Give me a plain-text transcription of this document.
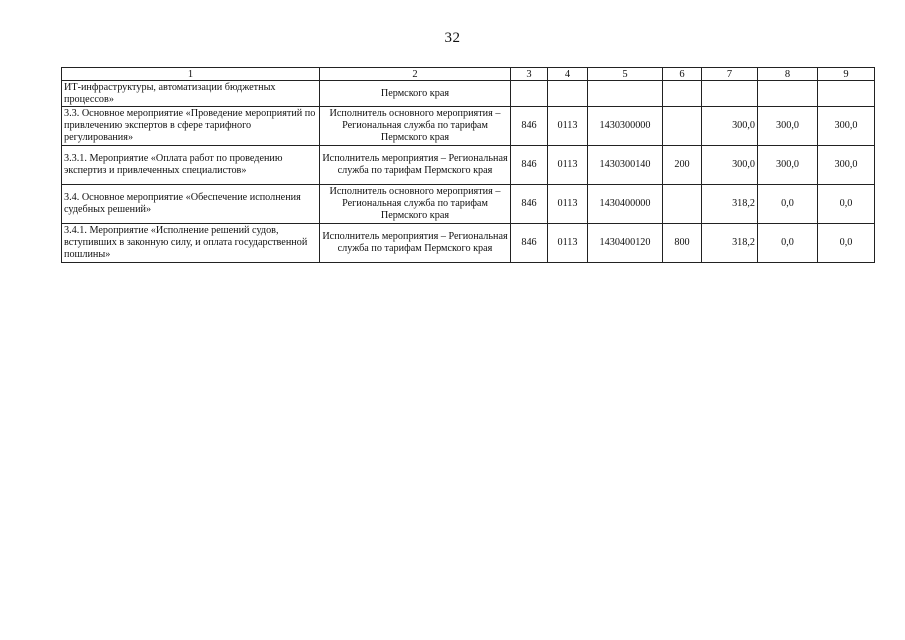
32
1	2	3	4	5	6	7	8	9
ИТ-инфраструктуры, автоматизации бюджетных процессов»	Пермского края							
3.3. Основное мероприятие «Проведение мероприятий по привлечению экспертов в сфере тарифного регулирования»	Исполнитель основного мероприятия – Региональная служба по тарифам Пермского края	846	0113	1430300000		300,0	300,0	300,0
3.3.1. Мероприятие «Оплата работ по проведению экспертиз и привлеченных специалистов»	Исполнитель мероприятия – Региональная служба по тарифам Пермского края	846	0113	1430300140	200	300,0	300,0	300,0
3.4. Основное мероприятие «Обеспечение исполнения судебных решений»	Исполнитель основного мероприятия – Региональная служба по тарифам Пермского края	846	0113	1430400000		318,2	0,0	0,0
3.4.1. Мероприятие «Исполнение решений судов, вступивших в законную силу, и оплата государственной пошлины»	Исполнитель мероприятия – Региональная служба по тарифам Пермского края	846	0113	1430400120	800	318,2	0,0	0,0
